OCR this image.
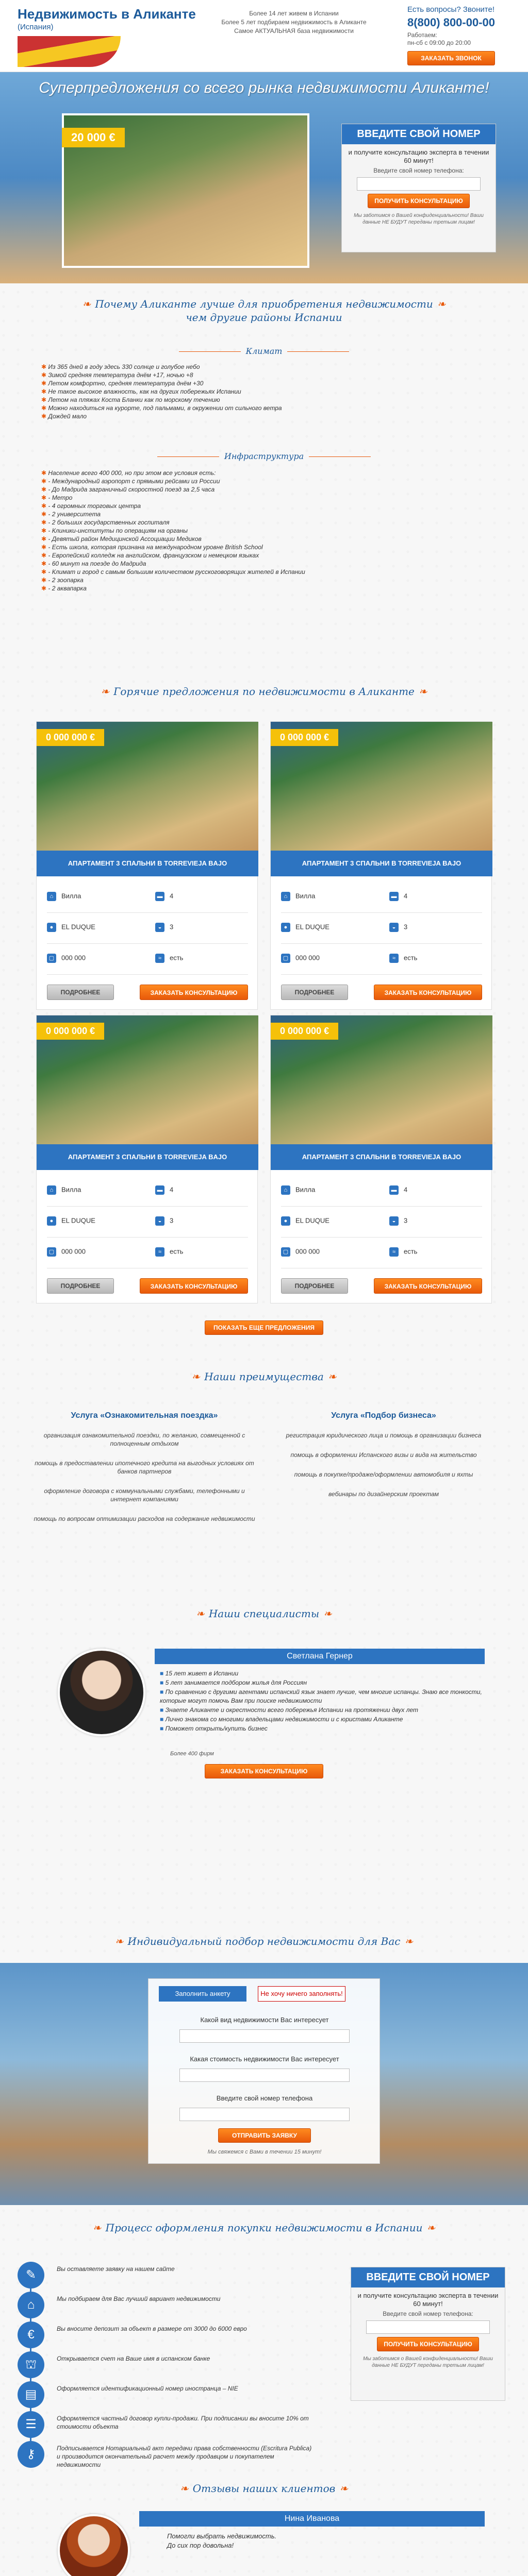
Недвижимость в Аликанте
(Испания)
Более 14 лет живем в Испании
Более 5 лет подбираем недвижимость в Аликанте
Самое АКТУАЛЬНАЯ база недвижимости
Есть вопросы? Звоните!
8(800) 800-00-00
Работаем:
пн-сб с 09:00 до 20:00
ЗАКАЗАТЬ ЗВОНОК
Суперпредложения со всего рынка недвижимости Аликанте!
20 000 €	ВВЕДИТЕ СВОЙ НОМЕР
и получите консультацию эксперта в течении 60 минут!
Введите свой номер телефона:
ПОЛУЧИТЬ КОНСУЛЬТАЦИЮ
Мы заботимся о Вашей конфиденциальности! Ваши данные НЕ БУДУТ переданы третьим лицам!
❧ Почему Аликанте лучше для приобретения недвижимости ❧
чем другие районы Испании
Климат
✱ Из 365 дней в году здесь 330 солнце и голубое небо
✱ Зимой средняя температура днём +17, ночью +8
✱ Летом комфортно, средняя температура днём +30
✱ Не такое высокое влажность, как на других побережьях Испании
✱ Летом на пляжах Коста Бланки как по морскому течению
✱ Можно находиться на курорте, под пальмами, в окружении от сильного ветра
✱ Дождей мало
Инфраструктура
✱ Население всего 400 000, но при этом все условия есть:
✱ - Международный аэропорт с прямыми рейсами из России
✱ - До Мадрида заграничный скоростной поезд за 2,5 часа
✱ - Метро
✱ - 4 огромных торговых центра
✱ - 2 университета
✱ - 2 больших государственных госпиталя
✱ - Клиники-институты по операциям на органы
✱ - Девятый район Медицинской Ассоциации Медиков
✱ - Есть школа, которая признана на международном уровне British School
✱ - Европейский колледж на английском, французском и немецком языках
✱ - 60 минут на поезде до Мадрида
✱ - Климат и город с самым большим количеством русскоговорящих жителей в Испании
✱ - 2 зоопарка
✱ - 2 аквапарка
❧ Горячие предложения по недвижимости в Аликанте ❧
0 000 000 €
АПАРТАМЕНТ 3 СПАЛЬНИ В TORREVIEJA BAJO
⌂ Вилла	▬ 4
● EL DUQUE	◒ 3
▢ 000 000	≈ есть
ПОДРОБНЕЕ	ЗАКАЗАТЬ КОНСУЛЬТАЦИЮ
0 000 000 €
АПАРТАМЕНТ 3 СПАЛЬНИ В TORREVIEJA BAJO
⌂ Вилла	▬ 4
● EL DUQUE	◒ 3
▢ 000 000	≈ есть
ПОДРОБНЕЕ	ЗАКАЗАТЬ КОНСУЛЬТАЦИЮ
0 000 000 €
АПАРТАМЕНТ 3 СПАЛЬНИ В TORREVIEJA BAJO
⌂ Вилла	▬ 4
● EL DUQUE	◒ 3
▢ 000 000	≈ есть
ПОДРОБНЕЕ	ЗАКАЗАТЬ КОНСУЛЬТАЦИЮ
0 000 000 €
АПАРТАМЕНТ 3 СПАЛЬНИ В TORREVIEJA BAJO
⌂ Вилла	▬ 4
● EL DUQUE	◒ 3
▢ 000 000	≈ есть
ПОДРОБНЕЕ	ЗАКАЗАТЬ КОНСУЛЬТАЦИЮ
ПОКАЗАТЬ ЕЩЕ ПРЕДЛОЖЕНИЯ
❧ Наши преимущества ❧
Услуга «Ознакомительная поездка»

организация ознакомительной поездки, по желанию, совмещенной с полноценным отдыхом

помощь в предоставлении ипотечного кредита на выгодных условиях от банков партнеров

оформление договора с коммунальными службами, телефонными и интернет компаниями

помощь по вопросам оптимизации расходов на содержание недвижимости

Услуга «Подбор бизнеса»

регистрация юридического лица и помощь в организации бизнеса

помощь в оформлении Испанского визы и вида на жительство

помощь в покупке/продаже/оформлении автомобиля и яхты

вебинары по дизайнерским проектам

❧ Наши специалисты ❧
Светлана Гернер
■ 15 лет живет в Испании
■ 5 лет занимается подбором жилья для Россиян
■ По сравнению с другими агентами испанский язык знает лучше, чем многие испанцы. Знаю все тонкости, которые могут помочь Вам при поиске недвижимости
■ Знаете Аликанте и окрестности всего побережья Испании на протяжении двух лет
■ Лично знакома со многими владельцами недвижимости и с юристами Аликанте
■ Поможет открыть/купить бизнес
Более 400 фирм
ЗАКАЗАТЬ КОНСУЛЬТАЦИЮ
❧ Индивидуальный подбор недвижимости для Вас ❧
Заполнить анкету	Не хочу ничего заполнять!
Какой вид недвижимости Вас интересует
Какая стоимость недвижимости Вас интересует
Введите свой номер телефона
ОТПРАВИТЬ ЗАЯВКУ
Мы свяжемся с Вами в течении 15 минут!
❧ Процесс оформления покупки недвижимости в Испании ❧
✎	Вы оставляете заявку на нашем сайте
⌂	Мы подбираем для Вас лучший вариант недвижимости
€	Вы вносите депозит за объект в размере от 3000 до 6000 евро
⛫	Открывается счет на Ваше имя в испанском банке
▤	Оформляется идентификационный номер иностранца – NIE
☰	Оформляется частный договор купли-продажи. При подписании вы вносите 10% от стоимости объекта
⚷	Подписывается Нотариальный акт передачи права собственности (Escritura Publica) и производится окончательный расчет между продавцом и покупателем недвижимости
ВВЕДИТЕ СВОЙ НОМЕР
и получите консультацию эксперта в течении 60 минут!
Введите свой номер телефона:
ПОЛУЧИТЬ КОНСУЛЬТАЦИЮ
Мы заботимся о Вашей конфиденциальности! Ваши данные НЕ БУДУТ переданы третьим лицам!
❧ Отзывы наших клиентов ❧
Нина Иванова
Помогли выбрать недвижимость.
До сих пор довольна!
